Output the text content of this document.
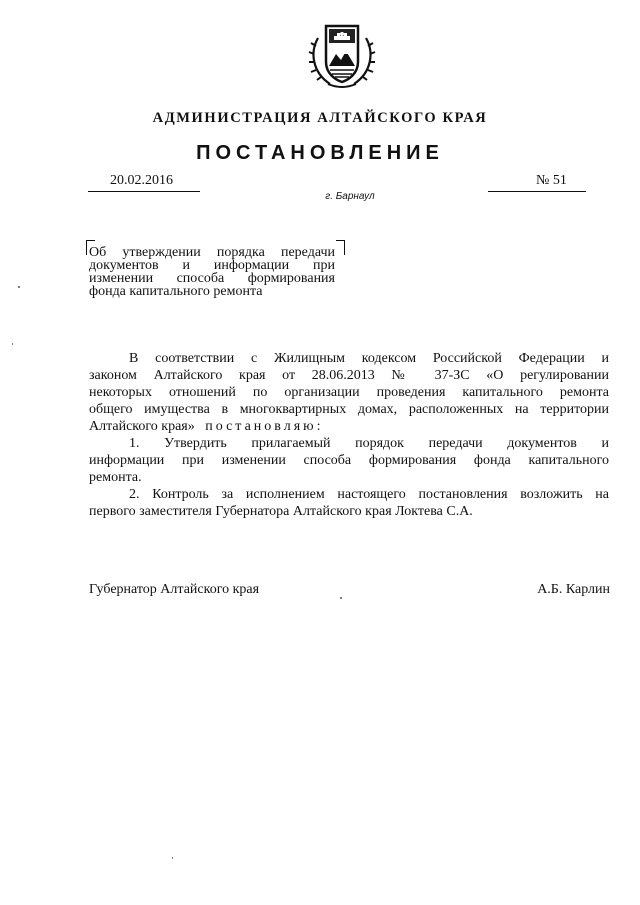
АДМИНИСТРАЦИЯ АЛТАЙСКОГО КРАЯ
ПОСТАНОВЛЕНИЕ
20.02.2016	№ 51
г. Барнаул
Об утверждении порядка передачи
документов и информации при
изменении способа формирования
фонда капитального ремонта
В соответствии с Жилищным кодексом Российской Федерации и
законом Алтайского края от 28.06.2013 № 37-ЗС «О регулировании
некоторых отношений по организации проведения капитального ремонта
общего имущества в многоквартирных домах, расположенных на территории
Алтайского края» постановляю:
1. Утвердить прилагаемый порядок передачи документов и
информации при изменении способа формирования фонда капитального
ремонта.
2. Контроль за исполнением настоящего постановления возложить на
первого заместителя Губернатора Алтайского края Локтева С.А.
Губернатор Алтайского края	А.Б. Карлин
